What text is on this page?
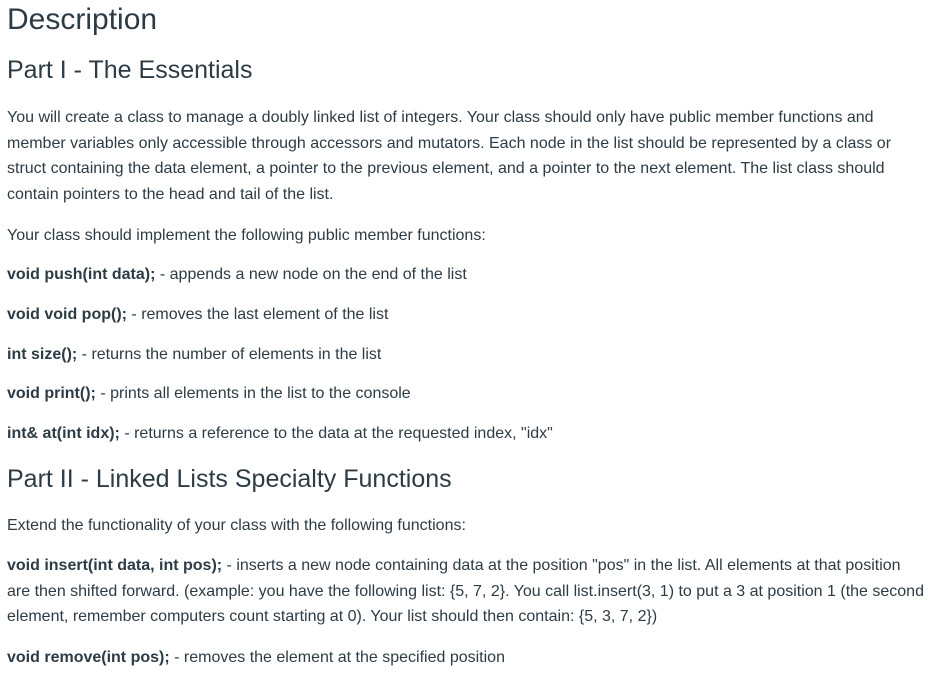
Description
Part I - The Essentials

You will create a class to manage a doubly linked list of integers. Your class should only have public member functions and member variables only accessible through accessors and mutators. Each node in the list should be represented by a class or struct containing the data element, a pointer to the previous element, and a pointer to the next element. The list class should contain pointers to the head and tail of the list.

Your class should implement the following public member functions:

void push(int data); - appends a new node on the end of the list

void void pop(); - removes the last element of the list

int size(); - returns the number of elements in the list

void print(); - prints all elements in the list to the console

int& at(int idx); - returns a reference to the data at the requested index, "idx"

Part II - Linked Lists Specialty Functions

Extend the functionality of your class with the following functions:

void insert(int data, int pos); - inserts a new node containing data at the position "pos" in the list. All elements at that position are then shifted forward. (example: you have the following list: {5, 7, 2}. You call list.insert(3, 1) to put a 3 at position 1 (the second element, remember computers count starting at 0). Your list should then contain: {5, 3, 7, 2})

void remove(int pos); - removes the element at the specified position
